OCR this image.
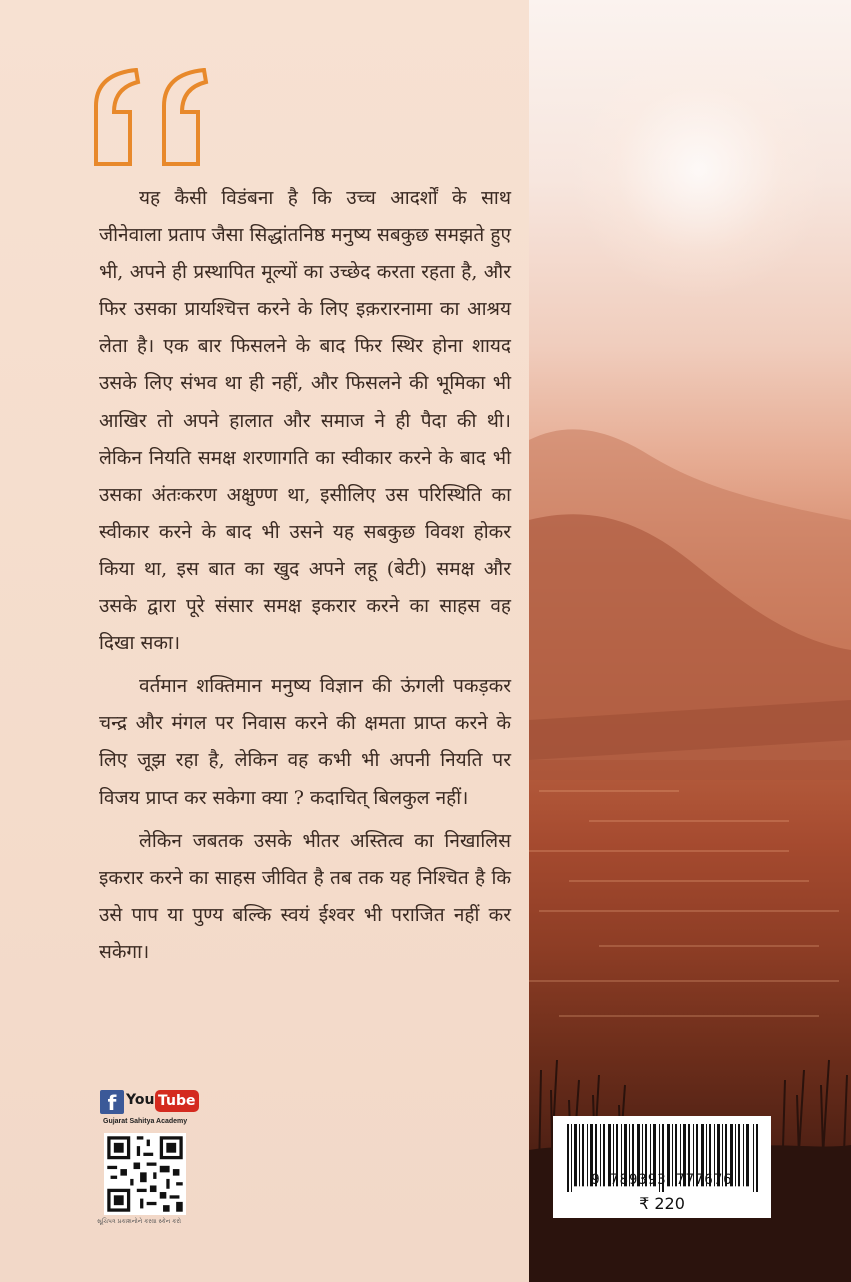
यह कैसी विडंबना है कि उच्च आदर्शों के साथ जीनेवाला प्रताप जैसा सिद्धांतनिष्ठ मनुष्य सबकुछ समझते हुए भी, अपने ही प्रस्थापित मूल्यों का उच्छेद करता रहता है, और फिर उसका प्रायश्चित्त करने के लिए इक़रारनामा का आश्रय लेता है। एक बार फिसलने के बाद फिर स्थिर होना शायद उसके लिए संभव था ही नहीं, और फिसलने की भूमिका भी आखिर तो अपने हालात और समाज ने ही पैदा की थी। लेकिन नियति समक्ष शरणागति का स्वीकार करने के बाद भी उसका अंतःकरण अक्षुण्ण था, इसीलिए उस परिस्थिति का स्वीकार करने के बाद भी उसने यह सबकुछ विवश होकर किया था, इस बात का खुद अपने लहू (बेटी) समक्ष और उसके द्वारा पूरे संसार समक्ष इकरार करने का साहस वह दिखा सका।

वर्तमान शक्तिमान मनुष्य विज्ञान की ऊंगली पकड़कर चन्द्र और मंगल पर निवास करने की क्षमता प्राप्त करने के लिए जूझ रहा है, लेकिन वह कभी भी अपनी नियति पर विजय प्राप्त कर सकेगा क्या ? कदाचित् बिलकुल नहीं।

लेकिन जबतक उसके भीतर अस्तित्व का निखालिस इकरार करने का साहस जीवित है तब तक यह निश्चित है कि उसे पाप या पुण्य बल्कि स्वयं ईश्वर भी पराजित नहीं कर सकेगा।

f You Tube
Gujarat Sahitya Academy
સૂચિપત્ર પ્રકાશનોને કરવા સ્કેન કરો
9 789393 777676
₹ 220
